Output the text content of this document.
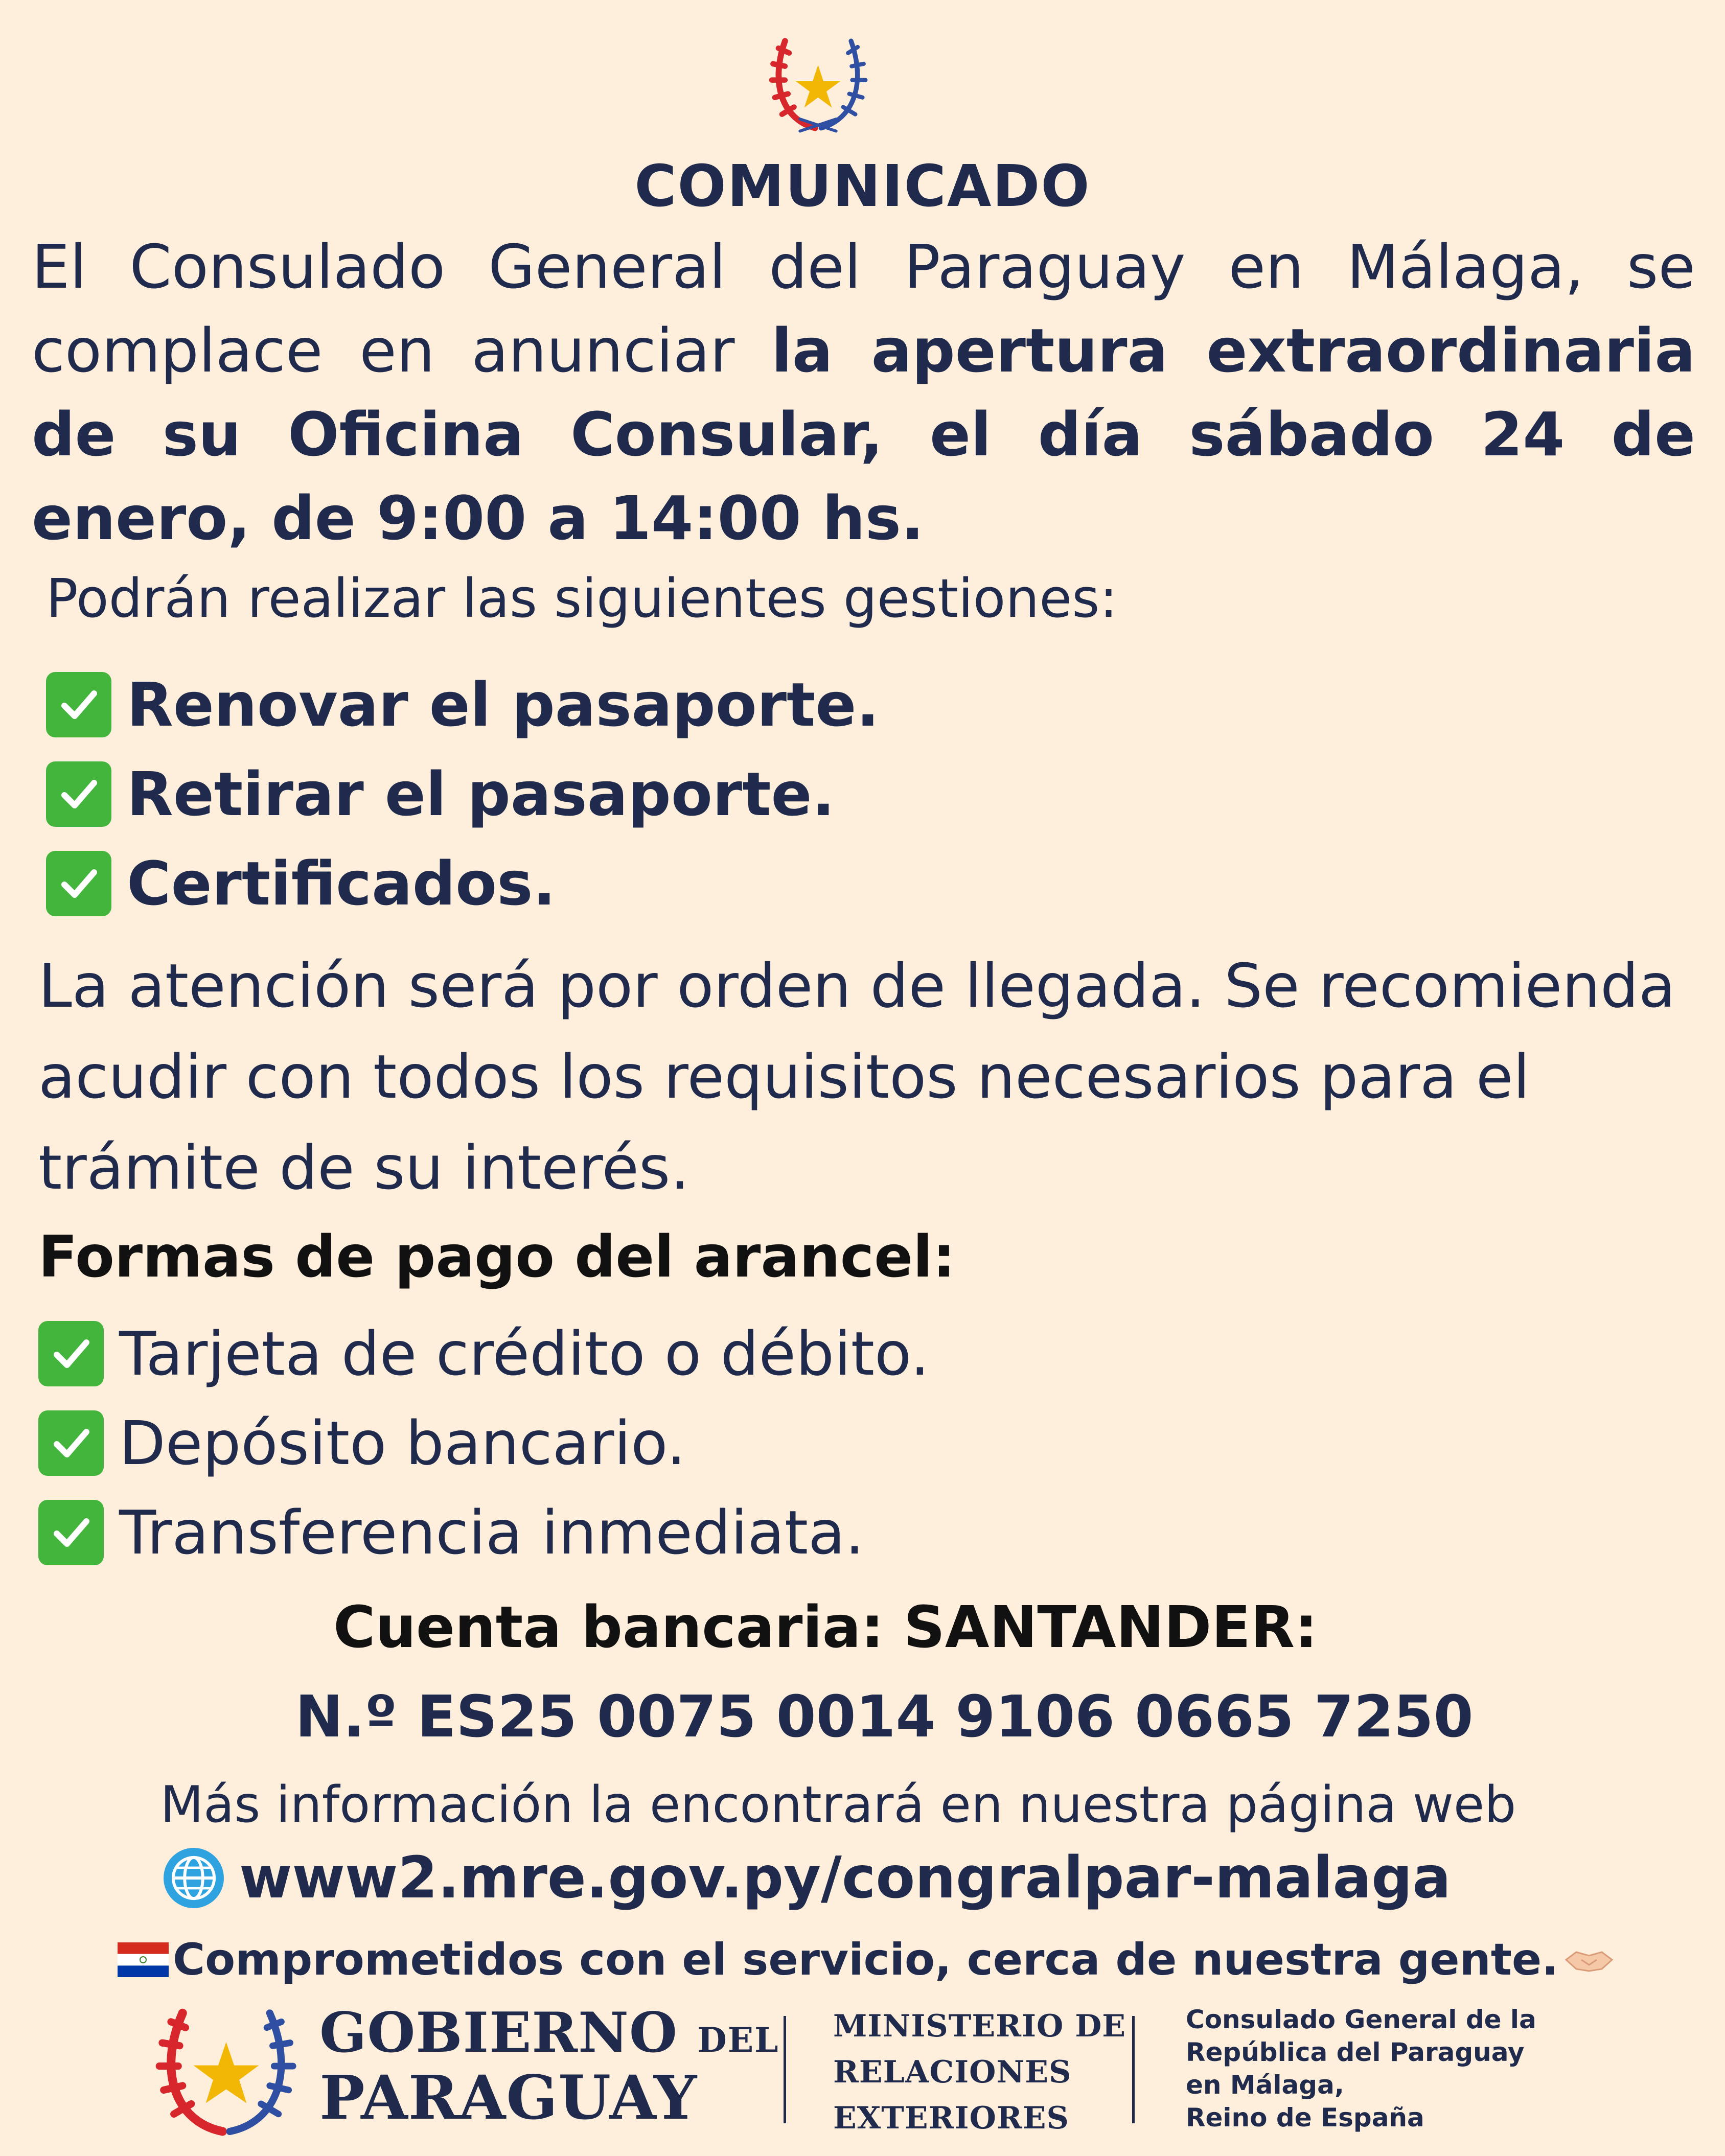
COMUNICADO
El Consulado General del Paraguay en Málaga, se complace en anunciar la apertura extraordinaria de su Oficina Consular, el día sábado 24 de enero, de 9:00 a 14:00 hs.
Podrán realizar las siguientes gestiones:
Renovar el pasaporte.
Retirar el pasaporte.
Certificados.
La atención será por orden de llegada. Se recomienda acudir con todos los requisitos necesarios para el trámite de su interés.
Formas de pago del arancel:
Tarjeta de crédito o débito.
Depósito bancario.
Transferencia inmediata.
Cuenta bancaria: SANTANDER:
N.º ES25 0075 0014 9106 0665 7250
Más información la encontrará en nuestra página web
www2.mre.gov.py/congralpar-malaga
Comprometidos con el servicio, cerca de nuestra gente.
GOBIERNO DEL
PARAGUAY
MINISTERIO DE
RELACIONES
EXTERIORES
Consulado General de la
República del Paraguay
en Málaga,
Reino de España
